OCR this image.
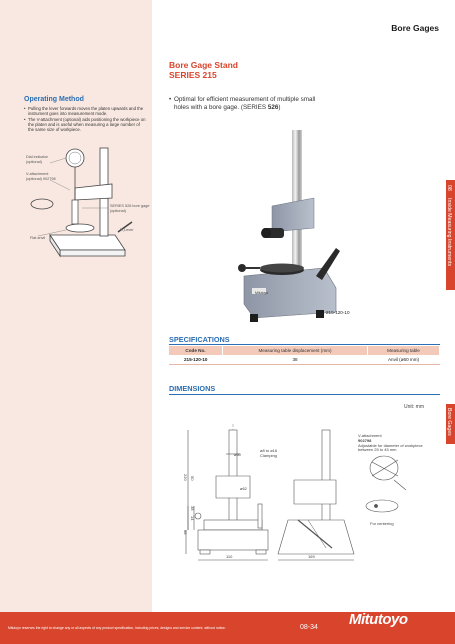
Bore Gages
08
Inside Measuring Instruments
Bore Gages
Bore Gage Stand
SERIES 215
Operating Method
• Pulling the lever forwards moves the platen upwards and the instrument goes into measurement mode.
• The V-attachment (optional) aids positioning the workpiece on the platen and is useful when measuring a large number of the same size of workpiece.
Dial indicator
(optional)
V-attachment
(optional) 902798
SERIES 526 bore gage
(optional)
Lever
Flat anvil
• Optimal for efficient measurement of multiple small holes with a bore gage. (SERIES 526)
Mitutoyo
215-120-10
SPECIFICATIONS
Code No.	Measuring table displacement (mm)	Measuring table
215-120-10	38	Anvil (ø60 mm)
DIMENSIONS
Unit: mm
ø60
ø8 to ø16
Clamping
ø62
220 50
38
14
68
110	169
V-attachment
902798
Adjustable for diameter of workpiece
between 25 to 45 mm
For centering
Mitutoyo reserves the right to change any or all aspects of any product specification, including prices, designs and service content, without notice.	08-34 Mitutoyo
